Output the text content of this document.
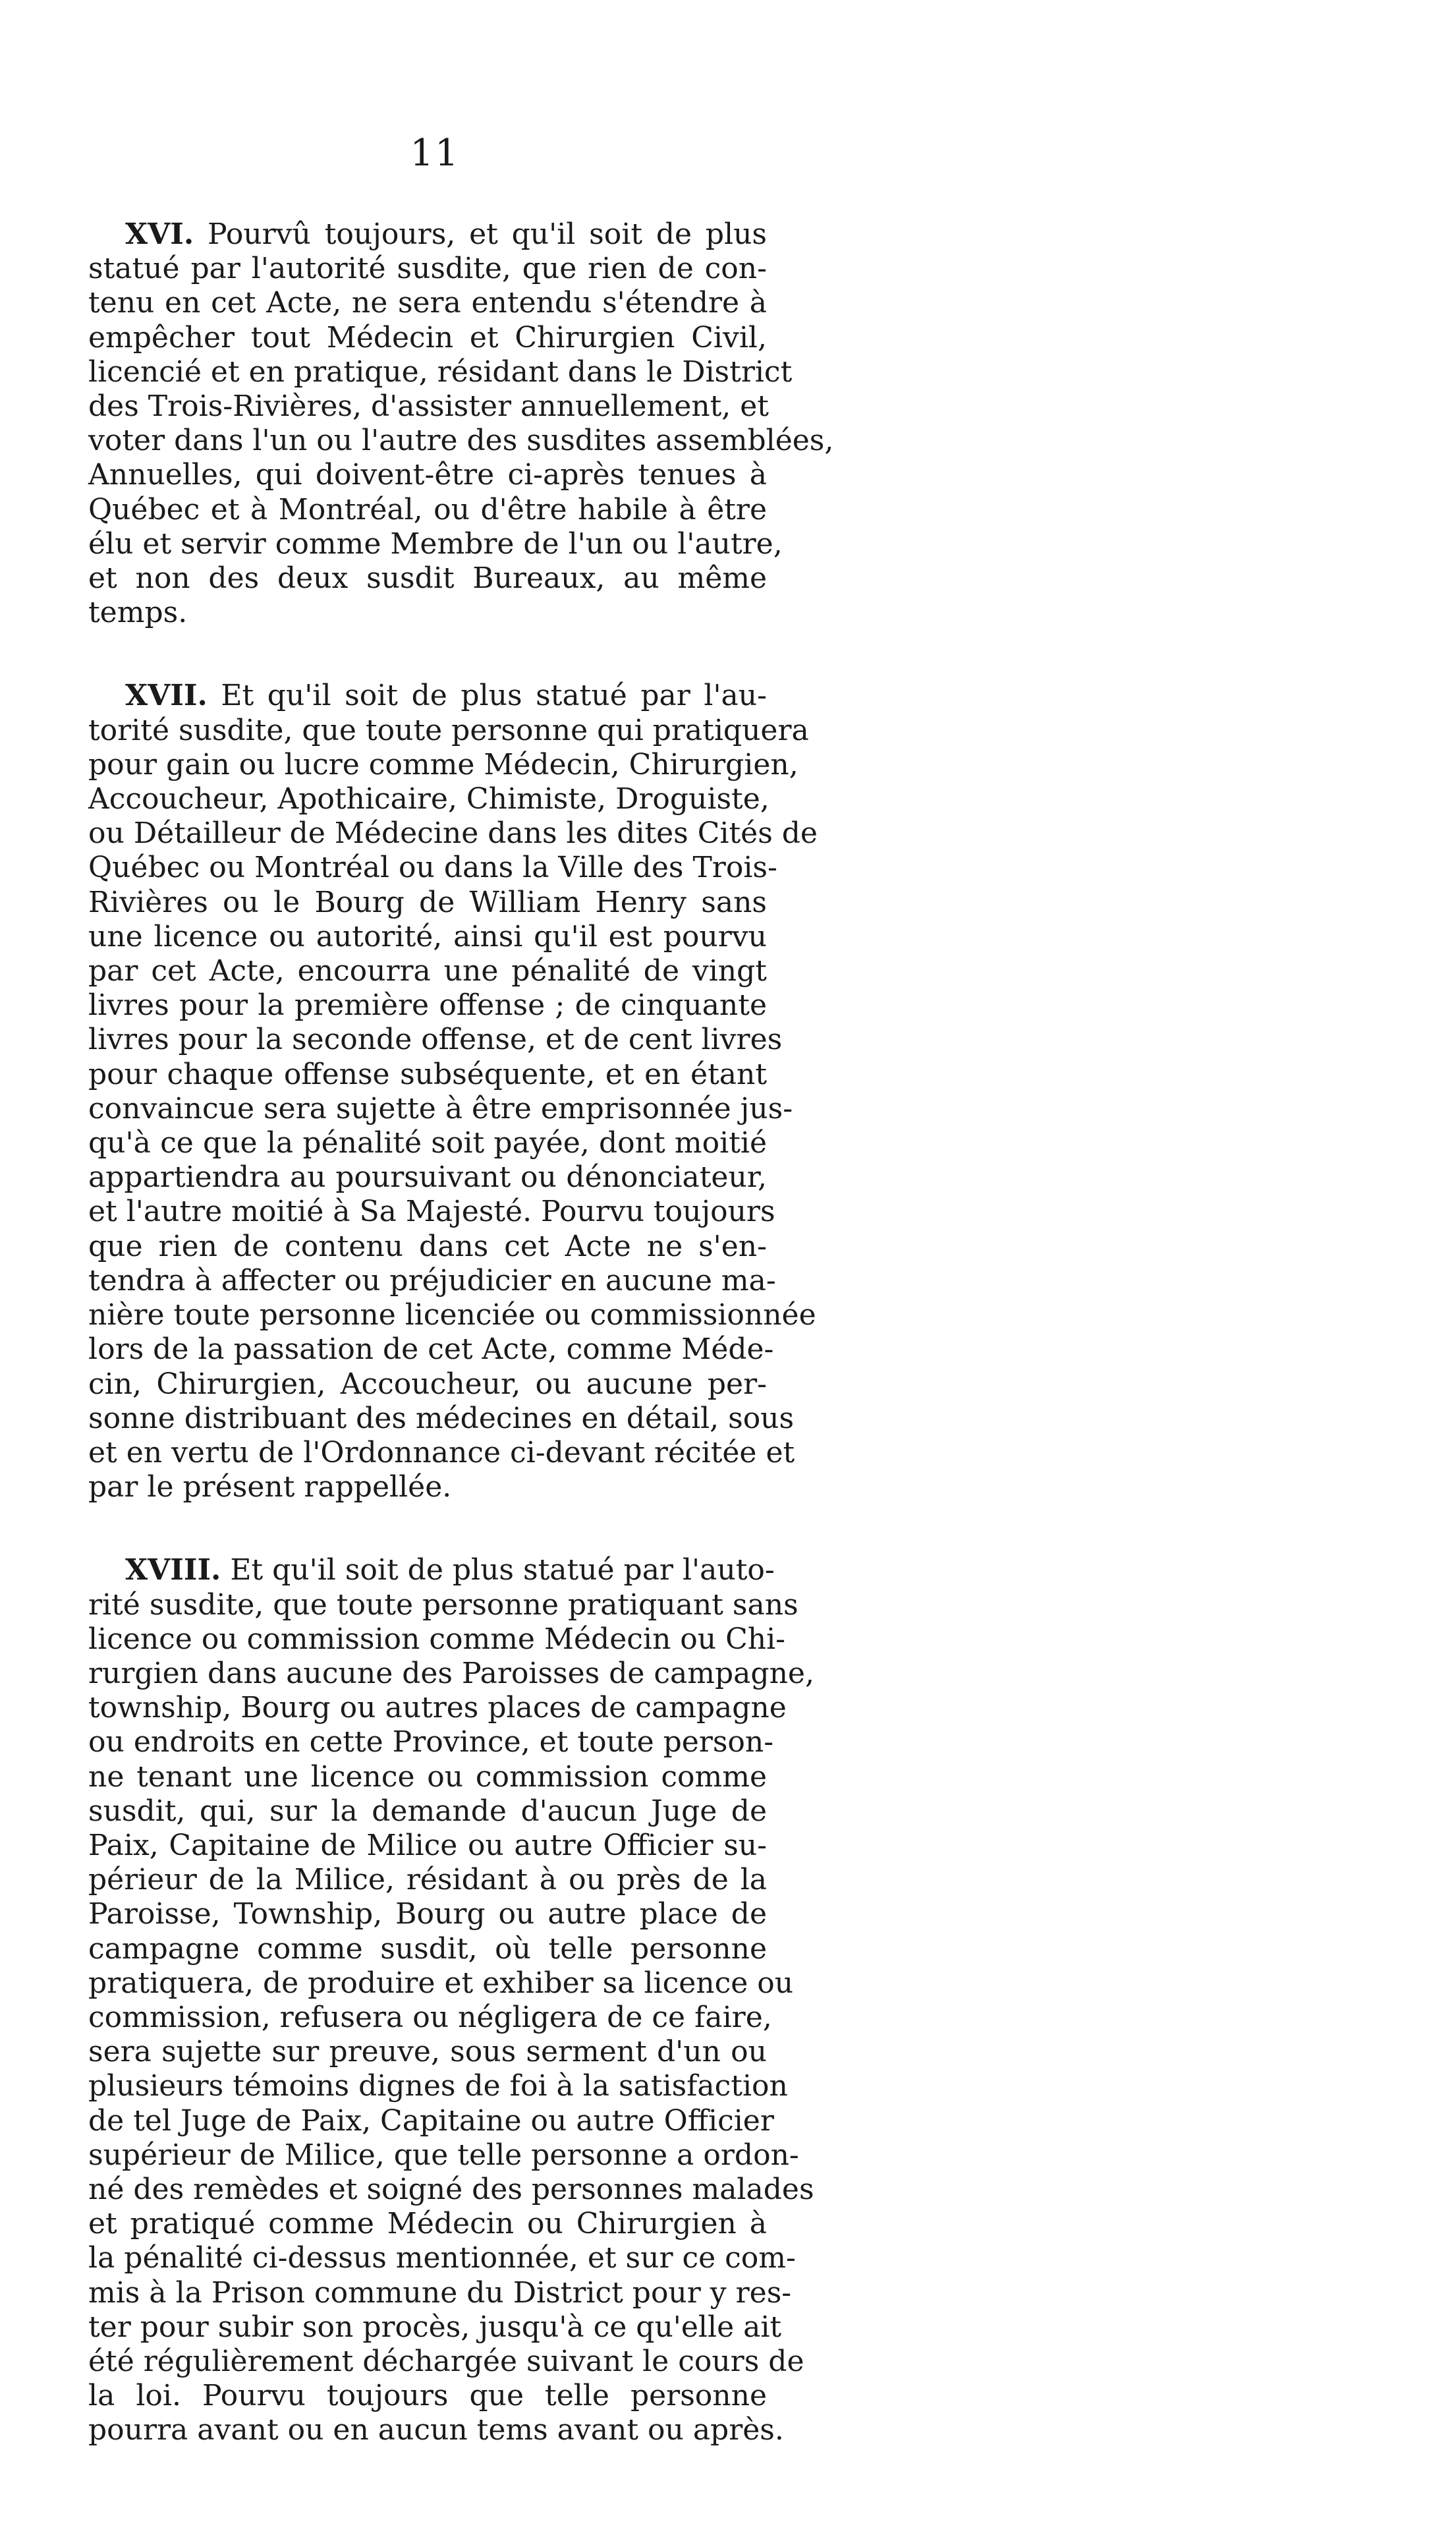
11
XVI. Pourvû toujours, et qu'il soit de plus
statué par l'autorité susdite, que rien de con-
tenu en cet Acte, ne sera entendu s'étendre à
empêcher tout Médecin et Chirurgien Civil,
licencié et en pratique, résidant dans le District
des Trois-Rivières, d'assister annuellement, et
voter dans l'un ou l'autre des susdites assemblées,
Annuelles, qui doivent-être ci-après tenues à
Québec et à Montréal, ou d'être habile à être
élu et servir comme Membre de l'un ou l'autre,
et non des deux susdit Bureaux, au même
temps.
XVII. Et qu'il soit de plus statué par l'au-
torité susdite, que toute personne qui pratiquera
pour gain ou lucre comme Médecin, Chirurgien,
Accoucheur, Apothicaire, Chimiste, Droguiste,
ou Détailleur de Médecine dans les dites Cités de
Québec ou Montréal ou dans la Ville des Trois-
Rivières ou le Bourg de William Henry sans
une licence ou autorité, ainsi qu'il est pourvu
par cet Acte, encourra une pénalité de vingt
livres pour la première offense ; de cinquante
livres pour la seconde offense, et de cent livres
pour chaque offense subséquente, et en étant
convaincue sera sujette à être emprisonnée jus-
qu'à ce que la pénalité soit payée, dont moitié
appartiendra au poursuivant ou dénonciateur,
et l'autre moitié à Sa Majesté. Pourvu toujours
que rien de contenu dans cet Acte ne s'en-
tendra à affecter ou préjudicier en aucune ma-
nière toute personne licenciée ou commissionnée
lors de la passation de cet Acte, comme Méde-
cin, Chirurgien, Accoucheur, ou aucune per-
sonne distribuant des médecines en détail, sous
et en vertu de l'Ordonnance ci-devant récitée et
par le présent rappellée.
XVIII. Et qu'il soit de plus statué par l'auto-
rité susdite, que toute personne pratiquant sans
licence ou commission comme Médecin ou Chi-
rurgien dans aucune des Paroisses de campagne,
township, Bourg ou autres places de campagne
ou endroits en cette Province, et toute person-
ne tenant une licence ou commission comme
susdit, qui, sur la demande d'aucun Juge de
Paix, Capitaine de Milice ou autre Officier su-
périeur de la Milice, résidant à ou près de la
Paroisse, Township, Bourg ou autre place de
campagne comme susdit, où telle personne
pratiquera, de produire et exhiber sa licence ou
commission, refusera ou négligera de ce faire,
sera sujette sur preuve, sous serment d'un ou
plusieurs témoins dignes de foi à la satisfaction
de tel Juge de Paix, Capitaine ou autre Officier
supérieur de Milice, que telle personne a ordon-
né des remèdes et soigné des personnes malades
et pratiqué comme Médecin ou Chirurgien à
la pénalité ci-dessus mentionnée, et sur ce com-
mis à la Prison commune du District pour y res-
ter pour subir son procès, jusqu'à ce qu'elle ait
été régulièrement déchargée suivant le cours de
la loi. Pourvu toujours que telle personne
pourra avant ou en aucun tems avant ou après.
